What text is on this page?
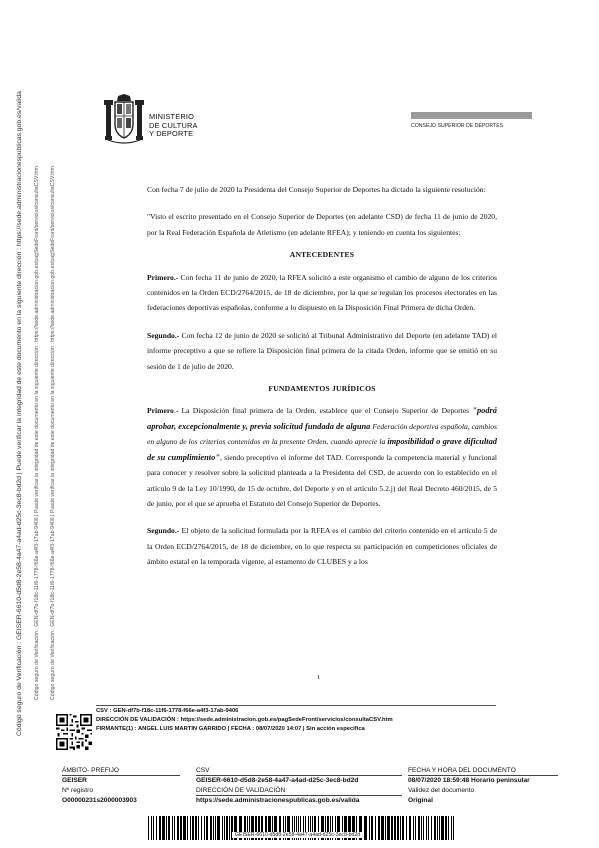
Código seguro de Verificación : GEISER-6610-d5d8-2e58-4a47-a4ad-d25c-3ec8-bd2d | Puede verificar la integridad de este documento en la siguiente dirección : https://sede.administracionespublicas.gob.es/valida Código seguro de Verificación : GEN-df7b-f18c-11f6-1778-f66e-a4f3-17ab-9406 | Puede verificar la integridad de este documento en la siguiente dirección : https://sede.administracion.gob.es/pagSedeFront/servicios/consultaCSV.htm Código seguro de Verificación : GEN-df7b-f18c-11f6-1778-f66e-a4f3-17ab-9406 | Puede verificar la integridad de este documento en la siguiente dirección : https://sede.administracion.gob.es/pagSedeFront/servicios/consultaCSV.htm
MINISTERIO
DE CULTURA
Y DEPORTE
CONSEJO SUPERIOR DE DEPORTES

Con fecha 7 de julio de 2020 la Presidenta del Consejo Superior de Deportes ha dictado la siguiente resolución:

"Visto el escrito presentado en el Consejo Superior de Deportes (en adelante CSD) de fecha 11 de junio de 2020, por la Real Federación Española de Atletismo (en adelante RFEA); y teniendo en cuenta los siguientes:

ANTECEDENTES

Primero.- Con fecha 11 de junio de 2020, la RFEA solicitó a este organismo el cambio de alguno de los criterios contenidos en la Orden ECD/2764/2015, de 18 de diciembre, por la que se regulan los procesos electorales en las federaciones deportivas españolas, conforme a lo dispuesto en la Disposición Final Primera de dicha Orden.

Segundo.- Con fecha 12 de junio de 2020 se solicitó al Tribunal Administrativo del Deporte (en adelante TAD) el informe preceptivo a que se refiere la Disposición final primera de la citada Orden, informe que se emitió en su sesión de 1 de julio de 2020.

FUNDAMENTOS JURÍDICOS

Primero.- La Disposición final primera de la Orden, establece que el Consejo Superior de Deportes "podrá aprobar, excepcionalmente y, previa solicitud fundada de alguna Federación deportiva española, cambios en alguno de los criterios contenidos en la presente Orden, cuando aprecie la imposibilidad o grave dificultad de su cumplimiento", siendo preceptivo el informe del TAD. Corresponde la competencia material y funcional para conocer y resolver sobre la solicitud planteada a la Presidenta del CSD, de acuerdo con lo establecido en el artículo 9 de la Ley 10/1990, de 15 de octubre, del Deporte y en el artículo 5.2.j) del Real Decreto 460/2015, de 5 de junio, por el que se aprueba el Estatuto del Consejo Superior de Deportes.

Segundo.- El objeto de la solicitud formulada por la RFEA es el cambio del criterio contenido en el artículo 5 de la Orden ECD/2764/2015, de 18 de diciembre, en lo que respecta su participación en competiciones oficiales de ámbito estatal en la temporada vigente, al estamento de CLUBES y a los

1
CSV : GEN-df7b-f18c-11f6-1778-f66e-a4f3-17ab-9406
DIRECCIÓN DE VALIDACIÓN : https://sede.administracion.gob.es/pagSedeFront/servicios/consultaCSV.htm
FIRMANTE(1) : ANGEL LUIS MARTIN GARRIDO | FECHA : 08/07/2020 14:07 | Sin acción específica
ÁMBITO- PREFIJO
GEISER
Nº registro
O00000231s2000003903
CSV
GEISER-6610-d5d8-2e58-4a47-a4ad-d25c-3ec8-bd2d
DIRECCIÓN DE VALIDACIÓN
https://sede.administracionespublicas.gob.es/valida
FECHA Y HORA DEL DOCUMENTO
08/07/2020 18:59:48 Horario peninsular
Validez del documento
Original
GEISER-6610-d5d8-2e58-4a47-a4ad-d25c-3ec8-bd2d
